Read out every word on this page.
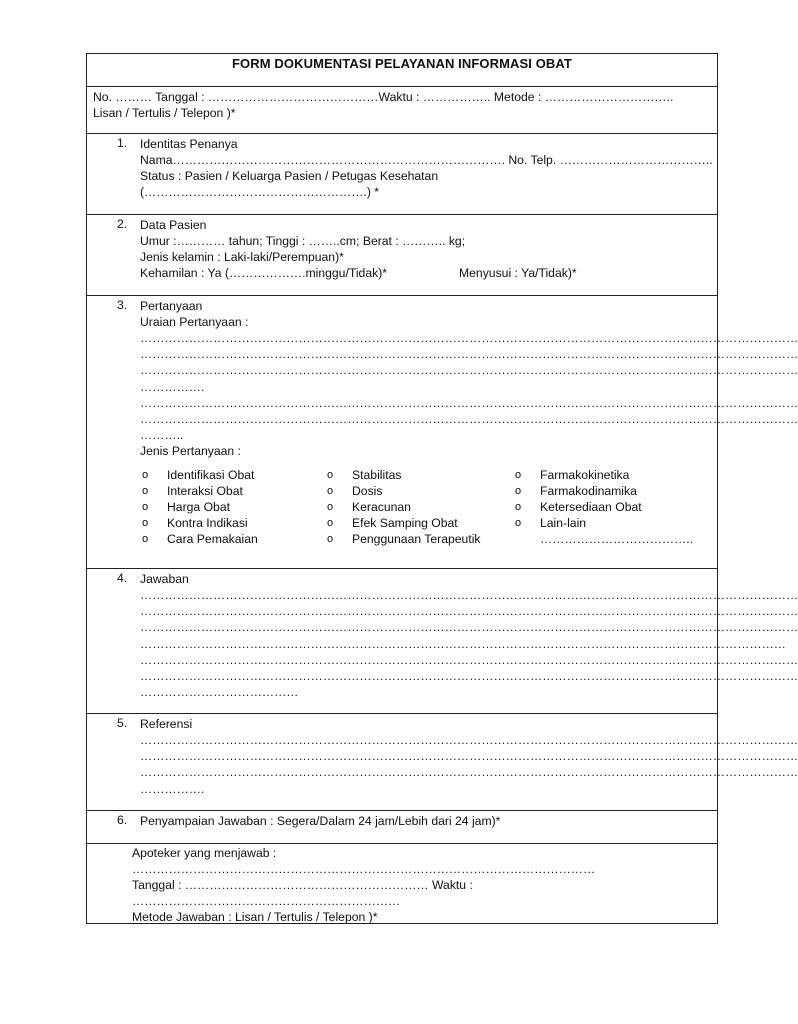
FORM DOKUMENTASI PELAYANAN INFORMASI OBAT
No. ……… Tanggal : ……………………………………Waktu : …………….. Metode : …………………………..
Lisan / Tertulis / Telepon )*
1. Identitas Penanya
Nama………………………………………………………………………. No. Telp. ………………………………..
Status : Pasien / Keluarga Pasien / Petugas Kesehatan
(……………………………………………….) *
2. Data Pasien
Umur :………… tahun; Tinggi : ……..cm; Berat : ……….. kg;
Jenis kelamin : Laki-laki/Perempuan)*
Kehamilan : Ya (……………….minggu/Tidak)*	Menyusui : Ya/Tidak)*
3. Pertanyaan
Uraian Pertanyaan :
………………………………………………………………………………………………………………………………………………
………………………………………………………………………………………………………………………………………………
………………………………………………………………………………………………………………………………………………
…………….
………………………………………………………………………………………………………………………………………………
………………………………………………………………………………………………………………………………………………
………..
Jenis Pertanyaan :
o	Identifikasi Obat
o	Interaksi Obat
o	Harga Obat
o	Kontra Indikasi
o	Cara Pemakaian
o	Stabilitas
o	Dosis
o	Keracunan
o	Efek Samping Obat
o	Penggunaan Terapeutik
o	Farmakokinetika
o	Farmakodinamika
o	Ketersediaan Obat
o	Lain-lain
………………………………..
4. Jawaban
………………………………………………………………………………………………………………………………………………
………………………………………………………………………………………………………………………………………………
………………………………………………………………………………………………………………………………………………
……………………………………………………………………………………………………………………………………………
………………………………………………………………………………………………………………………………………………
………………………………………………………………………………………………………………………………………………
…………………………………
5. Referensi
………………………………………………………………………………………………………………………………………………
………………………………………………………………………………………………………………………………………………
………………………………………………………………………………………………………………………………………………
…………….
6. Penyampaian Jawaban : Segera/Dalam 24 jam/Lebih dari 24 jam)*
Apoteker yang menjawab :
……………………………………………………………………………………………………
Tanggal : …………………………………………………… Waktu :
…………………………………………………………
Metode Jawaban : Lisan / Tertulis / Telepon )*
